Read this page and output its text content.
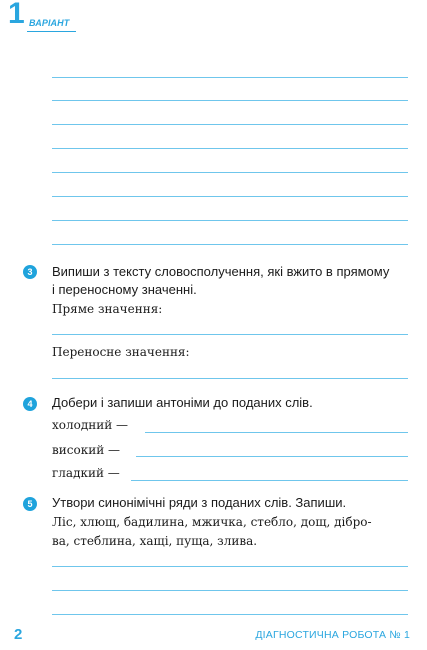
1 ВАРІАНТ
3	Випиши з тексту словосполучення, які вжито в прямому
і переносному значенні.
Пряме значення:
Переносне значення:
4	Добери і запиши антоніми до поданих слів.
холодний —
високий —
гладкий —
5	Утвори синонімічні ряди з поданих слів. Запиши.
Ліс, хлющ, бадилина, мжичка, стебло, дощ, дібро-
ва, стеблина, хащі, пуща, злива.
2	ДІАГНОСТИЧНА РОБОТА № 1
